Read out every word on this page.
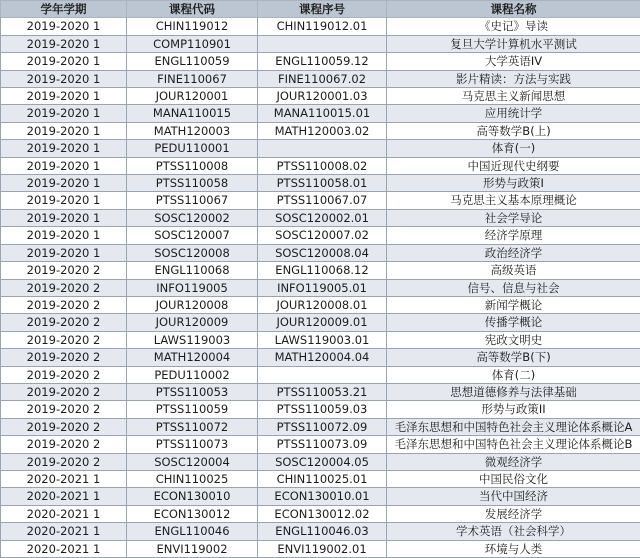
学年学期	课程代码	课程序号	课程名称
2019-2020 1	CHIN119012	CHIN119012.01	《史记》导读
2019-2020 1	COMP110901		复旦大学计算机水平测试
2019-2020 1	ENGL110059	ENGL110059.12	大学英语IV
2019-2020 1	FINE110067	FINE110067.02	影片精读：方法与实践
2019-2020 1	JOUR120001	JOUR120001.03	马克思主义新闻思想
2019-2020 1	MANA110015	MANA110015.01	应用统计学
2019-2020 1	MATH120003	MATH120003.02	高等数学B(上)
2019-2020 1	PEDU110001		体育(一)
2019-2020 1	PTSS110008	PTSS110008.02	中国近现代史纲要
2019-2020 1	PTSS110058	PTSS110058.01	形势与政策I
2019-2020 1	PTSS110067	PTSS110067.07	马克思主义基本原理概论
2019-2020 1	SOSC120002	SOSC120002.01	社会学导论
2019-2020 1	SOSC120007	SOSC120007.02	经济学原理
2019-2020 1	SOSC120008	SOSC120008.04	政治经济学
2019-2020 2	ENGL110068	ENGL110068.12	高级英语
2019-2020 2	INFO119005	INFO119005.01	信号、信息与社会
2019-2020 2	JOUR120008	JOUR120008.01	新闻学概论
2019-2020 2	JOUR120009	JOUR120009.01	传播学概论
2019-2020 2	LAWS119003	LAWS119003.01	宪政文明史
2019-2020 2	MATH120004	MATH120004.04	高等数学B(下)
2019-2020 2	PEDU110002		体育(二)
2019-2020 2	PTSS110053	PTSS110053.21	思想道德修养与法律基础
2019-2020 2	PTSS110059	PTSS110059.03	形势与政策II
2019-2020 2	PTSS110072	PTSS110072.09	毛泽东思想和中国特色社会主义理论体系概论A
2019-2020 2	PTSS110073	PTSS110073.09	毛泽东思想和中国特色社会主义理论体系概论B
2019-2020 2	SOSC120004	SOSC120004.05	微观经济学
2020-2021 1	CHIN110025	CHIN110025.01	中国民俗文化
2020-2021 1	ECON130010	ECON130010.01	当代中国经济
2020-2021 1	ECON130012	ECON130012.02	发展经济学
2020-2021 1	ENGL110046	ENGL110046.03	学术英语（社会科学）
2020-2021 1	ENVI119002	ENVI119002.01	环境与人类
